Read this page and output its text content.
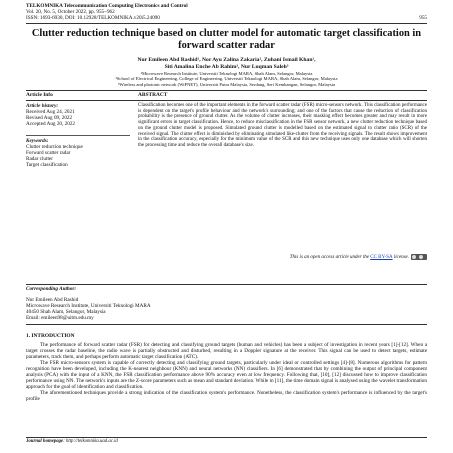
TELKOMNIKA Telecommunication Computing Electronics and Control
Vol. 20, No. 5, October 2022, pp. 955~962
ISSN: 1693-6930, DOI: 10.12928/TELKOMNIKA.v20i5.24090	955
Clutter reduction technique based on clutter model for automatic target classification in forward scatter radar
Nur Emileen Abd Rashid¹, Nor Ayu Zalina Zakaria², Zuhani Ismail Khan¹,
Siti Amalina Enche Ab Rahim³, Nur Luqman Saleh³
¹Microwave Research Institute, Universiti Teknologi MARA, Shah Alam, Selangor, Malaysia
²School of Electrical Engineering, College of Engineering, Universiti Teknologi MARA, Shah Alam, Selangor, Malaysia
³Wireless and photonic network (WiPNET), Universiti Putra Malaysia, Serdang, Seri Kembangan, Selangor, Malaysia
Article Info	ABSTRACT
Article history:
Received Aug 24, 2021
Revised Aug 09, 2022
Accepted Aug 20, 2022
Keywords:
Clutter reduction technique
Forward scatter radar
Radar clutter
Target classification
Classification becomes one of the important elements in the forward scatter radar (FSR) micro-sensors network. This classification performance is dependent on the target's profile behaviour and the network's surrounding; and one of the factors that cause the reduction of classification probability is the presence of ground clutter. As the volume of clutter increases, their masking effect becomes greater and may result in more significant errors in target classification. Hence, to reduce misclassification in the FSR sensor network, a new clutter reduction technique based on the ground clutter model is proposed. Simulated ground clutter is modelled based on the estimated signal to clutter ratio (SCR) of the received signal. The clutter effect is diminished by eliminating simulated like-clutter from the receiving signals. The result shows improvement in the classification accuracy, especially for the minimum value of the SCR and this new technique uses only one database which will shorten the processing time and reduce the overall database's size.
This is an open access article under the CC BY-SA license.
Corresponding Author:
Nur Emileen Abd Rashid
Microwave Research Institute, Universiti Teknologi MARA
40450 Shah Alam, Selangor, Malaysia
Email: emileen98@uitm.edu.my
1. INTRODUCTION

The performance of forward scatter radar (FSR) for detecting and classifying ground targets (human and vehicles) has been a subject of investigation in recent years [1]-[12]. When a target crosses the radar baseline, the radio wave is partially obstructed and disturbed, resulting in a Doppler signature at the receiver. This signal can be used to detect targets, estimate parameters, track them, and perhaps perform automatic target classification (ATC).

The FSR micro-sensors system is capable of correctly detecting and classifying ground targets, particularly under ideal or controlled settings [4]-[8]. Numerous algorithms for pattern recognition have been developed, including the K-nearest neighbour (KNN) and neural networks (NN) classifiers. In [6] demonstrated that by combining the output of principal component analysis (PCA) with the input of a KNN, the FSR classification performance above 90% accuracy even at low frequency. Following that, [10], [12] discussed how to improve classification performance using NN. The network's inputs are the Z-score parameters such as mean and standard deviation. While in [11], the time domain signal is analysed using the wavelet transformation approach for the goal of identification and classification.

The aforementioned techniques provide a strong indication of the classification system's performance. Nonetheless, the classification system's performance is influenced by the target's profile

Journal homepage: http://telkomnika.uad.ac.id
